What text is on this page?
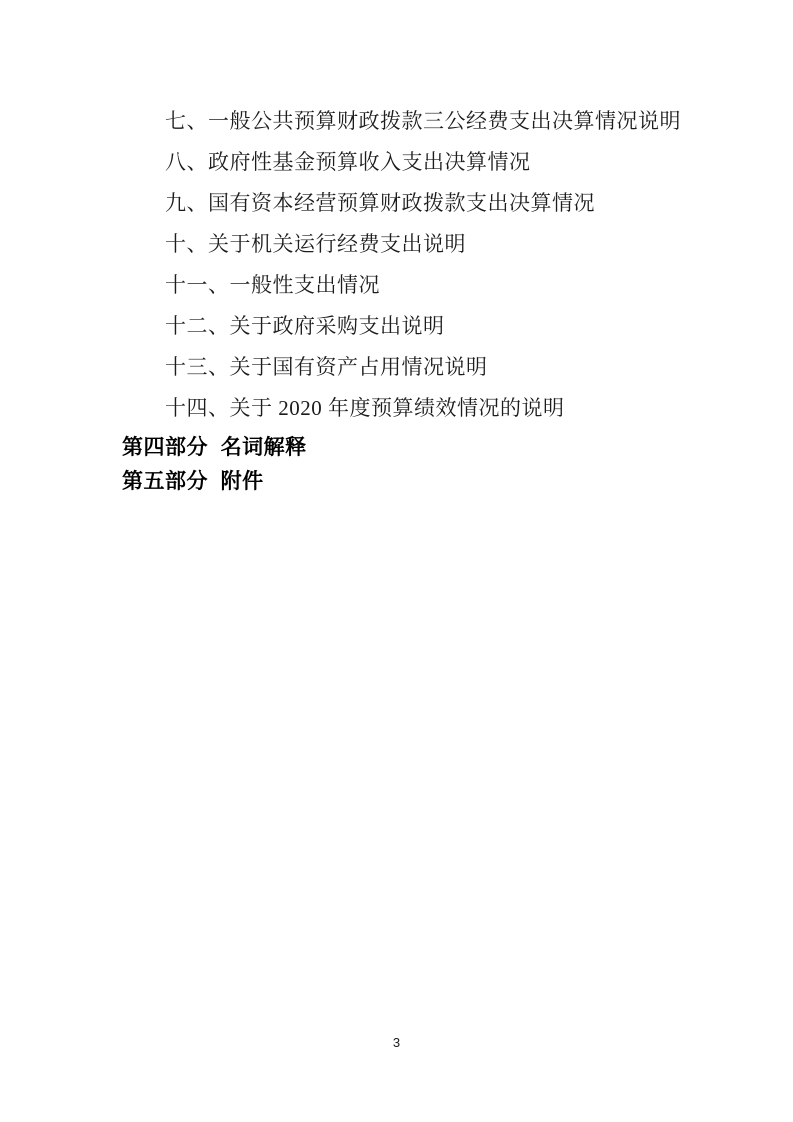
七、一般公共预算财政拨款三公经费支出决算情况说明
八、政府性基金预算收入支出决算情况
九、国有资本经营预算财政拨款支出决算情况
十、关于机关运行经费支出说明
十一、一般性支出情况
十二、关于政府采购支出说明
十三、关于国有资产占用情况说明
十四、关于 2020 年度预算绩效情况的说明
第四部分  名词解释
第五部分  附件
3
